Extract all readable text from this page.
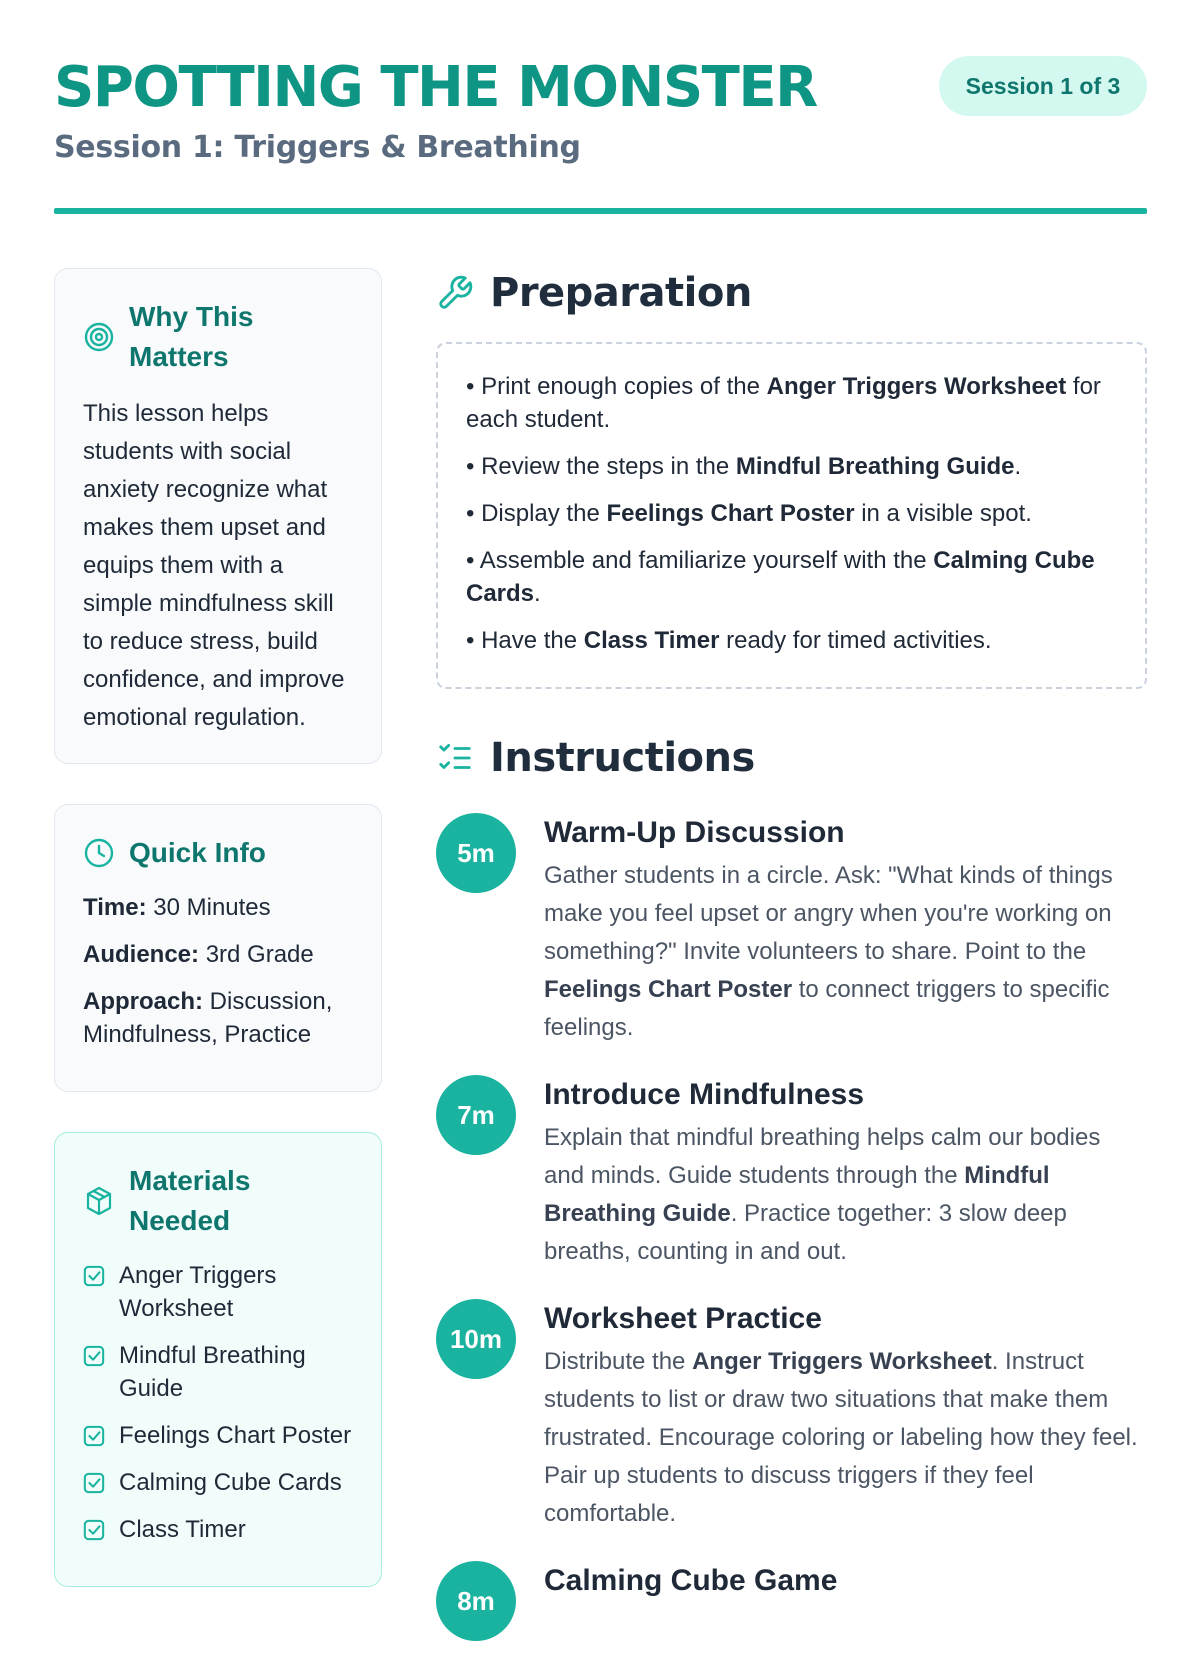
SPOTTING THE MONSTER
Session 1: Triggers & Breathing
Session 1 of 3
Why This Matters

This lesson helps students with social anxiety recognize what makes them upset and equips them with a simple mindfulness skill to reduce stress, build confidence, and improve emotional regulation.

Quick Info
Time: 30 Minutes
Audience: 3rd Grade
Approach: Discussion, Mindfulness, Practice
Materials Needed
Anger Triggers Worksheet
Mindful Breathing Guide
Feelings Chart Poster
Calming Cube Cards
Class Timer
Preparation

• Print enough copies of the Anger Triggers Worksheet for each student.

• Review the steps in the Mindful Breathing Guide.

• Display the Feelings Chart Poster in a visible spot.

• Assemble and familiarize yourself with the Calming Cube Cards.

• Have the Class Timer ready for timed activities.

Instructions
5m
Warm-Up Discussion

Gather students in a circle. Ask: "What kinds of things make you feel upset or angry when you're working on something?" Invite volunteers to share. Point to the Feelings Chart Poster to connect triggers to specific feelings.

7m
Introduce Mindfulness

Explain that mindful breathing helps calm our bodies and minds. Guide students through the Mindful Breathing Guide. Practice together: 3 slow deep breaths, counting in and out.

10m
Worksheet Practice

Distribute the Anger Triggers Worksheet. Instruct students to list or draw two situations that make them frustrated. Encourage coloring or labeling how they feel. Pair up students to discuss triggers if they feel comfortable.

8m
Calming Cube Game
